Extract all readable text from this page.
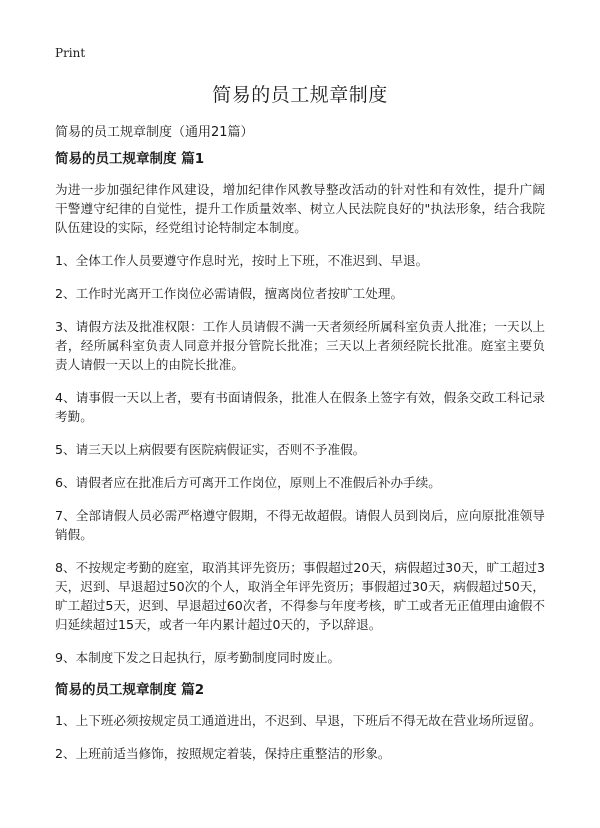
Print
简易的员工规章制度

简易的员工规章制度（通用21篇）

简易的员工规章制度 篇1

为进一步加强纪律作风建设，增加纪律作风教导整改活动的针对性和有效性，提升广阔干警遵守纪律的自觉性，提升工作质量效率、树立人民法院良好的"执法形象，结合我院队伍建设的实际，经党组讨论特制定本制度。

1、全体工作人员要遵守作息时光，按时上下班，不准迟到、早退。

2、工作时光离开工作岗位必需请假，擅离岗位者按旷工处理。

3、请假方法及批准权限：工作人员请假不满一天者须经所属科室负责人批准；一天以上者，经所属科室负责人同意并报分管院长批准；三天以上者须经院长批准。庭室主要负责人请假一天以上的由院长批准。

4、请事假一天以上者，要有书面请假条，批准人在假条上签字有效，假条交政工科记录考勤。

5、请三天以上病假要有医院病假证实，否则不予准假。

6、请假者应在批准后方可离开工作岗位，原则上不准假后补办手续。

7、全部请假人员必需严格遵守假期，不得无故超假。请假人员到岗后，应向原批准领导销假。

8、不按规定考勤的庭室，取消其评先资历；事假超过20天，病假超过30天，旷工超过3天，迟到、早退超过50次的个人，取消全年评先资历；事假超过30天，病假超过50天，旷工超过5天，迟到、早退超过60次者，不得参与年度考核，旷工或者无正值理由逾假不归延续超过15天，或者一年内累计超过0天的，予以辞退。

9、本制度下发之日起执行，原考勤制度同时废止。

简易的员工规章制度 篇2

1、上下班必须按规定员工通道进出，不迟到、早退，下班后不得无故在营业场所逗留。

2、上班前适当修饰，按照规定着装，保持庄重整洁的形象。
